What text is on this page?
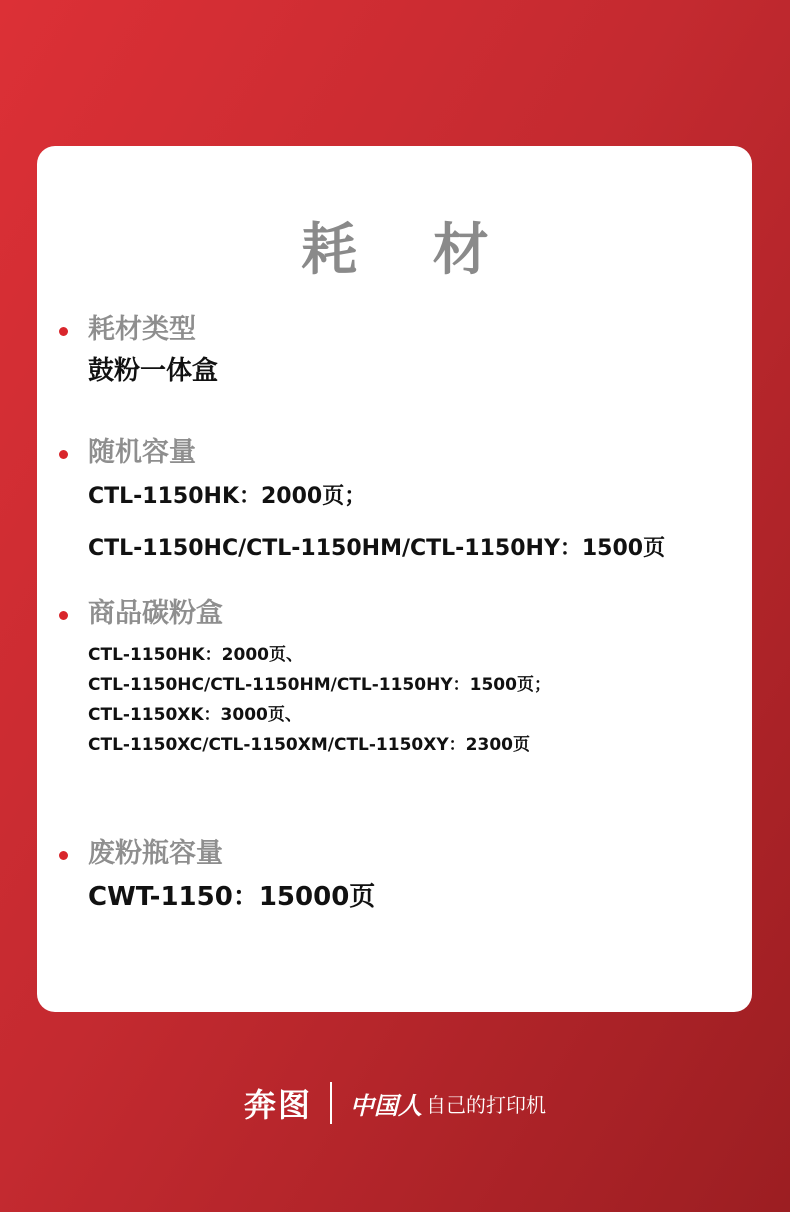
耗 材
耗材类型
鼓粉一体盒
随机容量
CTL-1150HK：2000页；
CTL-1150HC/CTL-1150HM/CTL-1150HY：1500页
商品碳粉盒
CTL-1150HK：2000页、
CTL-1150HC/CTL-1150HM/CTL-1150HY：1500页；
CTL-1150XK：3000页、
CTL-1150XC/CTL-1150XM/CTL-1150XY：2300页
废粉瓶容量
CWT-1150：15000页
奔图 中国人 自己的打印机
